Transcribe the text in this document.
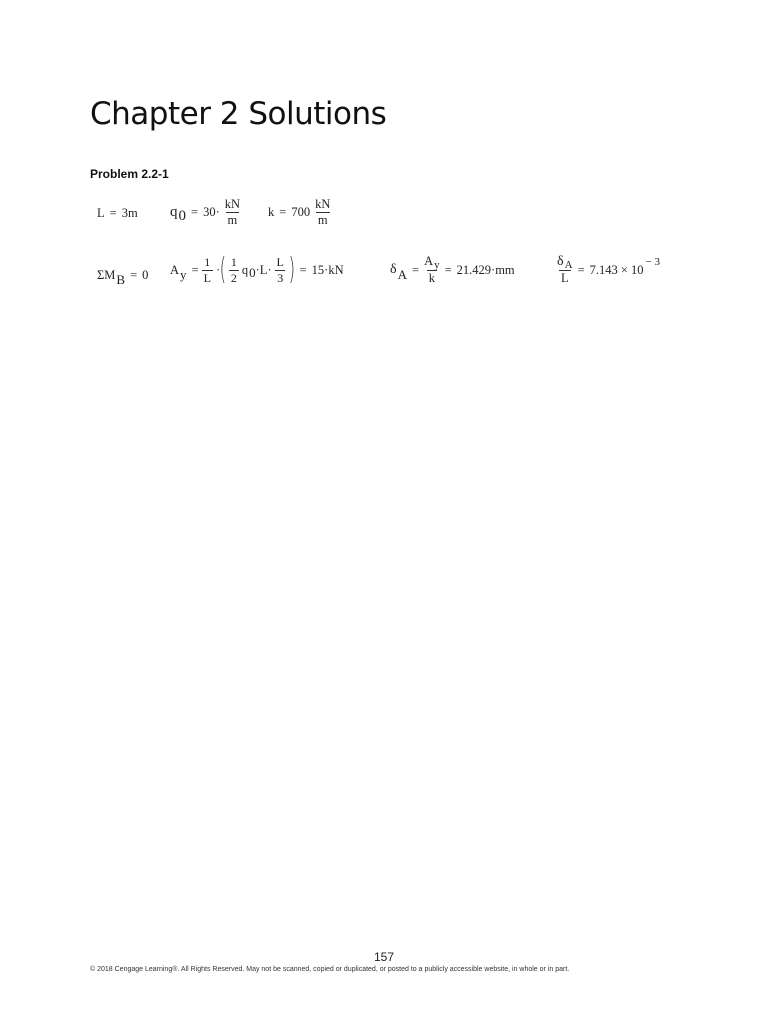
Chapter 2 Solutions
Problem 2.2-1
L = 3m q $0 = 30\cdot \frac{kN}{m}$ $k = 700 \frac{kN}{m}$
ΣM B = 0 A $y = \frac{1}{L}$ · ( $\frac{1}{2}$ q $0 \cdot L\cdot \frac{L}{3}$ ) = 15·kN	δ $A = \frac{Ay}{k} = 21.429\cdot mm$	$\frac{\delta A}{L} = 7.143 \times 10$
− 3
157
© 2018 Cengage Learning®. All Rights Reserved. May not be scanned, copied or duplicated, or posted to a publicly accessible website, in whole or in part.
